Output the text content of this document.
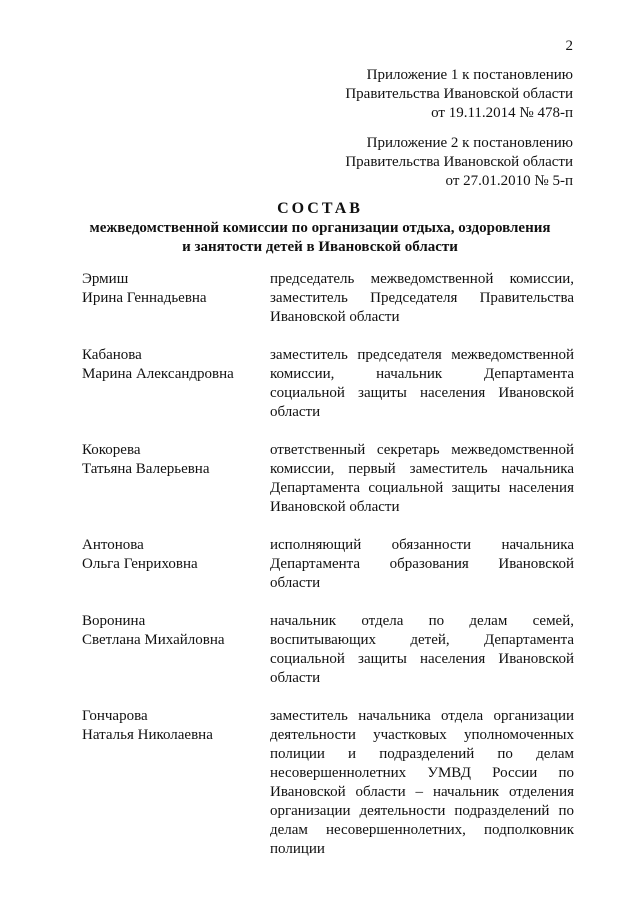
2
Приложение 1 к постановлению
Правительства Ивановской области
от 19.11.2014 № 478-п
Приложение 2 к постановлению
Правительства Ивановской области
от 27.01.2010 № 5-п
СОСТАВ
межведомственной комиссии по организации отдыха, оздоровления
и занятости детей в Ивановской области
Эрмиш
Ирина Геннадьевна
председатель межведомственной комиссии, заместитель Председателя Правительства Ивановской области
Кабанова
Марина Александровна
заместитель председателя межведомственной комиссии, начальник Департамента социальной защиты населения Ивановской области
Кокорева
Татьяна Валерьевна
ответственный секретарь межведомственной комиссии, первый заместитель начальника Департамента социальной защиты населения Ивановской области
Антонова
Ольга Генриховна
исполняющий обязанности начальника Департамента образования Ивановской области
Воронина
Светлана Михайловна
начальник отдела по делам семей, воспитывающих детей, Департамента социальной защиты населения Ивановской области
Гончарова
Наталья Николаевна
заместитель начальника отдела организации деятельности участковых уполномоченных полиции и подразделений по делам несовершеннолетних УМВД России по Ивановской области – начальник отделения организации деятельности подразделений по делам несовершеннолетних, подполковник полиции
